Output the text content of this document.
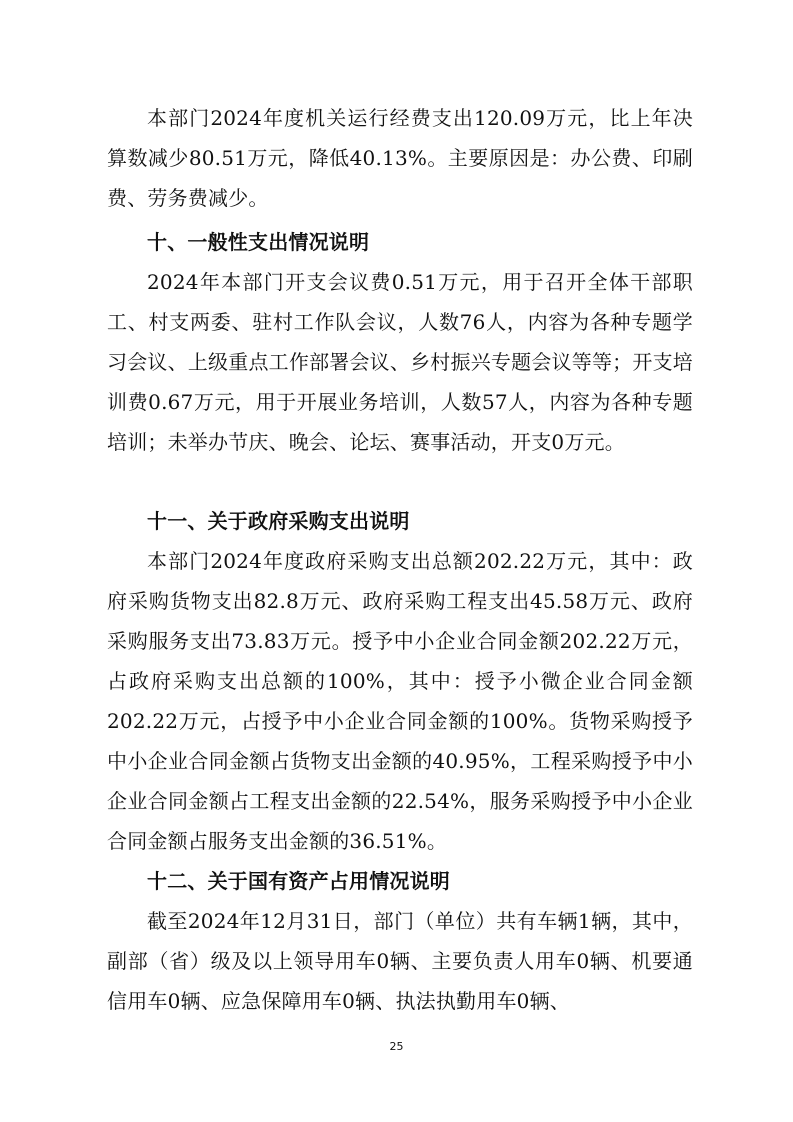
本部门2024年度机关运行经费支出120.09万元，比上年决算数减少80.51万元，降低40.13%。主要原因是：办公费、印刷费、劳务费减少。

十、一般性支出情况说明

2024年本部门开支会议费0.51万元，用于召开全体干部职工、村支两委、驻村工作队会议，人数76人，内容为各种专题学习会议、上级重点工作部署会议、乡村振兴专题会议等等；开支培训费0.67万元，用于开展业务培训，人数57人，内容为各种专题培训；未举办节庆、晚会、论坛、赛事活动，开支0万元。

十一、关于政府采购支出说明

本部门2024年度政府采购支出总额202.22万元，其中：政府采购货物支出82.8万元、政府采购工程支出45.58万元、政府采购服务支出73.83万元。授予中小企业合同金额202.22万元，占政府采购支出总额的100%，其中：授予小微企业合同金额202.22万元，占授予中小企业合同金额的100%。货物采购授予中小企业合同金额占货物支出金额的40.95%，工程采购授予中小企业合同金额占工程支出金额的22.54%，服务采购授予中小企业合同金额占服务支出金额的36.51%。

十二、关于国有资产占用情况说明

截至2024年12月31日，部门（单位）共有车辆1辆，其中，副部（省）级及以上领导用车0辆、主要负责人用车0辆、机要通信用车0辆、应急保障用车0辆、执法执勤用车0辆、

25
